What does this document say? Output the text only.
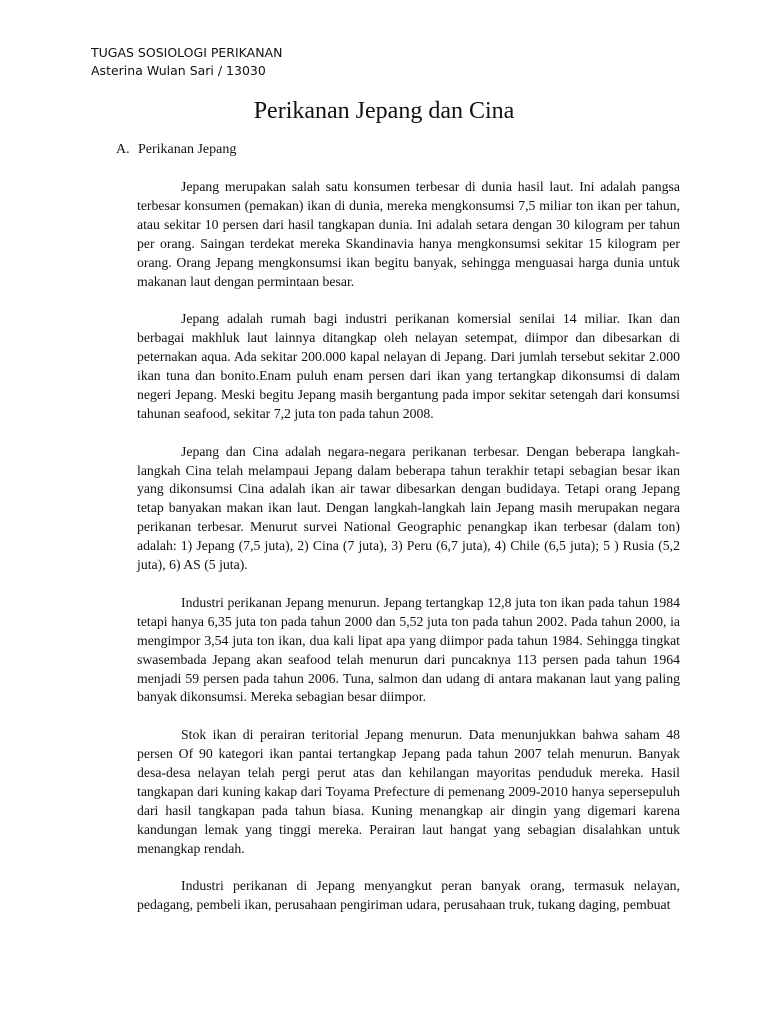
TUGAS SOSIOLOGI PERIKANAN
Asterina Wulan Sari / 13030
Perikanan Jepang dan Cina
A. Perikanan Jepang

Jepang merupakan salah satu konsumen terbesar di dunia hasil laut. Ini adalah pangsa terbesar konsumen (pemakan) ikan di dunia, mereka mengkonsumsi 7,5 miliar ton ikan per tahun, atau sekitar 10 persen dari hasil tangkapan dunia. Ini adalah setara dengan 30 kilogram per tahun per orang. Saingan terdekat mereka Skandinavia hanya mengkonsumsi sekitar 15 kilogram per orang. Orang Jepang mengkonsumsi ikan begitu banyak, sehingga menguasai harga dunia untuk makanan laut dengan permintaan besar.

Jepang adalah rumah bagi industri perikanan komersial senilai 14 miliar. Ikan dan berbagai makhluk laut lainnya ditangkap oleh nelayan setempat, diimpor dan dibesarkan di peternakan aqua. Ada sekitar 200.000 kapal nelayan di Jepang. Dari jumlah tersebut sekitar 2.000 ikan tuna dan bonito.Enam puluh enam persen dari ikan yang tertangkap dikonsumsi di dalam negeri Jepang. Meski begitu Jepang masih bergantung pada impor sekitar setengah dari konsumsi tahunan seafood, sekitar 7,2 juta ton pada tahun 2008.

Jepang dan Cina adalah negara-negara perikanan terbesar. Dengan beberapa langkah-langkah Cina telah melampaui Jepang dalam beberapa tahun terakhir tetapi sebagian besar ikan yang dikonsumsi Cina adalah ikan air tawar dibesarkan dengan budidaya. Tetapi orang Jepang tetap banyakan makan ikan laut. Dengan langkah-langkah lain Jepang masih merupakan negara perikanan terbesar. Menurut survei National Geographic penangkap ikan terbesar (dalam ton) adalah: 1) Jepang (7,5 juta), 2) Cina (7 juta), 3) Peru (6,7 juta), 4) Chile (6,5 juta); 5 ) Rusia (5,2 juta), 6) AS (5 juta).

Industri perikanan Jepang menurun. Jepang tertangkap 12,8 juta ton ikan pada tahun 1984 tetapi hanya 6,35 juta ton pada tahun 2000 dan 5,52 juta ton pada tahun 2002. Pada tahun 2000, ia mengimpor 3,54 juta ton ikan, dua kali lipat apa yang diimpor pada tahun 1984. Sehingga tingkat swasembada Jepang akan seafood telah menurun dari puncaknya 113 persen pada tahun 1964 menjadi 59 persen pada tahun 2006. Tuna, salmon dan udang di antara makanan laut yang paling banyak dikonsumsi. Mereka sebagian besar diimpor.

Stok ikan di perairan teritorial Jepang menurun. Data menunjukkan bahwa saham 48 persen Of 90 kategori ikan pantai tertangkap Jepang pada tahun 2007 telah menurun. Banyak desa-desa nelayan telah pergi perut atas dan kehilangan mayoritas penduduk mereka. Hasil tangkapan dari kuning kakap dari Toyama Prefecture di pemenang 2009-2010 hanya sepersepuluh dari hasil tangkapan pada tahun biasa. Kuning menangkap air dingin yang digemari karena kandungan lemak yang tinggi mereka. Perairan laut hangat yang sebagian disalahkan untuk menangkap rendah.

Industri perikanan di Jepang menyangkut peran banyak orang, termasuk nelayan, pedagang, pembeli ikan, perusahaan pengiriman udara, perusahaan truk, tukang daging, pembuat
